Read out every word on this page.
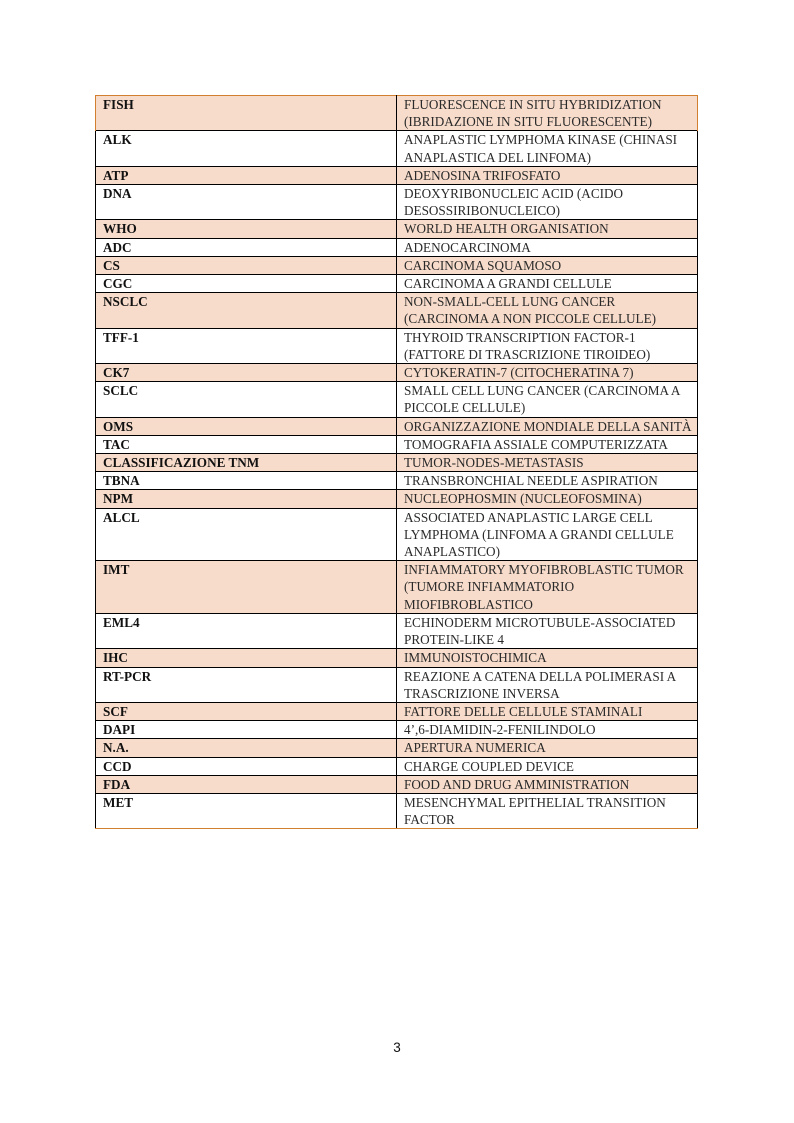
FISH	FLUORESCENCE IN SITU HYBRIDIZATION (IBRIDAZIONE IN SITU FLUORESCENTE)
ALK	ANAPLASTIC LYMPHOMA KINASE (CHINASI ANAPLASTICA DEL LINFOMA)
ATP	ADENOSINA TRIFOSFATO
DNA	DEOXYRIBONUCLEIC ACID (ACIDO DESOSSIRIBONUCLEICO)
WHO	WORLD HEALTH ORGANISATION
ADC	ADENOCARCINOMA
CS	CARCINOMA SQUAMOSO
CGC	CARCINOMA A GRANDI CELLULE
NSCLC	NON-SMALL-CELL LUNG CANCER (CARCINOMA A NON PICCOLE CELLULE)
TFF-1	THYROID TRANSCRIPTION FACTOR-1 (FATTORE DI TRASCRIZIONE TIROIDEO)
CK7	CYTOKERATIN-7 (CITOCHERATINA 7)
SCLC	SMALL CELL LUNG CANCER (CARCINOMA A PICCOLE CELLULE)
OMS	ORGANIZZAZIONE MONDIALE DELLA SANITÀ
TAC	TOMOGRAFIA ASSIALE COMPUTERIZZATA
CLASSIFICAZIONE TNM	TUMOR-NODES-METASTASIS
TBNA	TRANSBRONCHIAL NEEDLE ASPIRATION
NPM	NUCLEOPHOSMIN (NUCLEOFOSMINA)
ALCL	ASSOCIATED ANAPLASTIC LARGE CELL LYMPHOMA (LINFOMA A GRANDI CELLULE ANAPLASTICO)
IMT	INFIAMMATORY MYOFIBROBLASTIC TUMOR (TUMORE INFIAMMATORIO MIOFIBROBLASTICO
EML4	ECHINODERM MICROTUBULE-ASSOCIATED PROTEIN-LIKE 4
IHC	IMMUNOISTOCHIMICA
RT-PCR	REAZIONE A CATENA DELLA POLIMERASI A TRASCRIZIONE INVERSA
SCF	FATTORE DELLE CELLULE STAMINALI
DAPI	4’,6-DIAMIDIN-2-FENILINDOLO
N.A.	APERTURA NUMERICA
CCD	CHARGE COUPLED DEVICE
FDA	FOOD AND DRUG AMMINISTRATION
MET	MESENCHYMAL EPITHELIAL TRANSITION FACTOR
3
